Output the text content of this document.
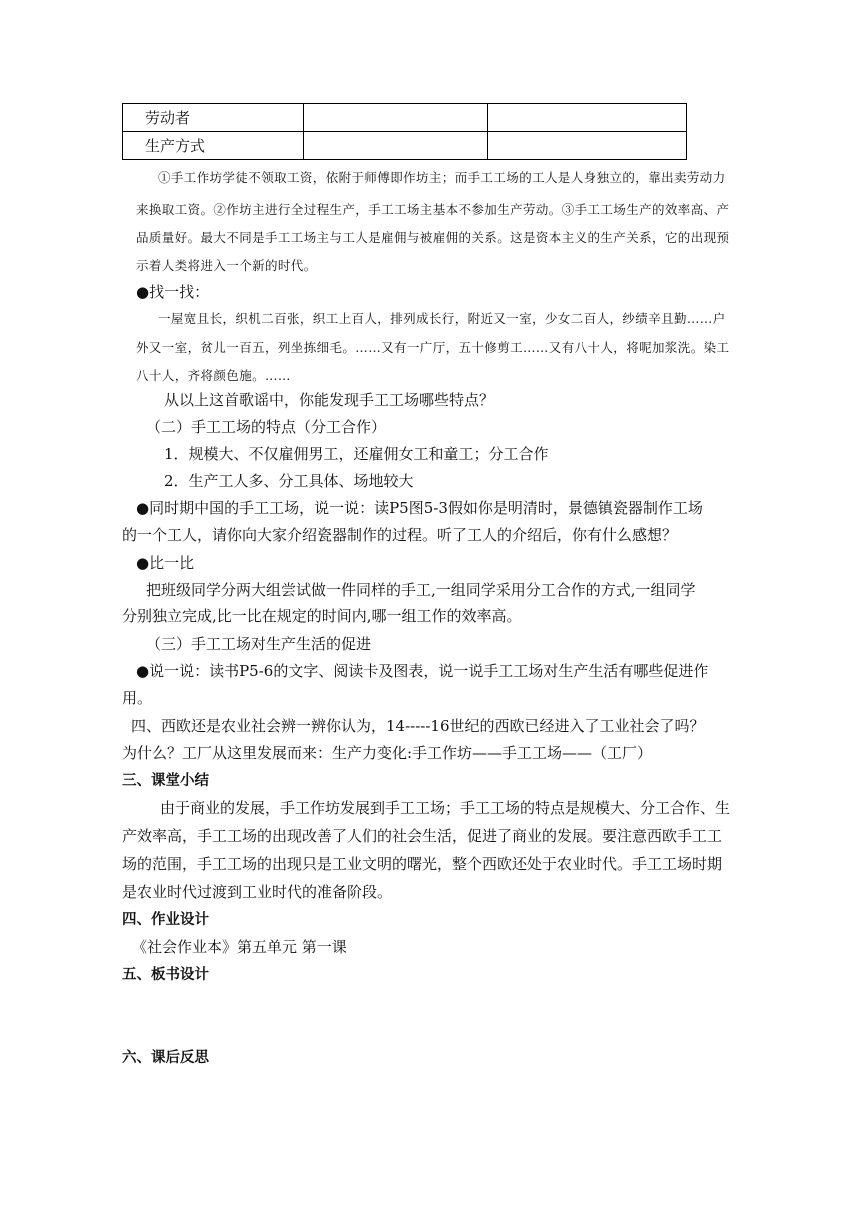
劳动者		
生产方式		
①手工作坊学徒不领取工资，依附于师傅即作坊主；而手工工场的工人是人身独立的，靠出卖劳动力
来换取工资。②作坊主进行全过程生产，手工工场主基本不参加生产劳动。③手工工场生产的效率高、产
品质量好。最大不同是手工工场主与工人是雇佣与被雇佣的关系。这是资本主义的生产关系，它的出现预
示着人类将进入一个新的时代。
●找一找：
一屋宽且长，织机二百张，织工上百人，排列成长行，附近又一室，少女二百人，纱绩辛且勤……户
外又一室，贫儿一百五，列坐拣细毛。……又有一广厅，五十修剪工……又有八十人，将呢加浆洗。染工
八十人，齐将颜色施。……
从以上这首歌谣中，你能发现手工工场哪些特点？
（二）手工工场的特点（分工合作）
1．规模大、不仅雇佣男工，还雇佣女工和童工；分工合作
2．生产工人多、分工具体、场地较大
●同时期中国的手工工场，说一说：读P5图5-3假如你是明清时，景德镇瓷器制作工场
的一个工人，请你向大家介绍瓷器制作的过程。听了工人的介绍后，你有什么感想？
●比一比
把班级同学分两大组尝试做一件同样的手工,一组同学采用分工合作的方式,一组同学
分别独立完成,比一比在规定的时间内,哪一组工作的效率高。
（三）手工工场对生产生活的促进
●说一说：读书P5-6的文字、阅读卡及图表，说一说手工工场对生产生活有哪些促进作
用。
四、西欧还是农业社会辨一辨你认为，14-----16世纪的西欧已经进入了工业社会了吗？
为什么？工厂从这里发展而来：生产力变化:手工作坊——手工工场——（工厂）
三、课堂小结
由于商业的发展，手工作坊发展到手工工场；手工工场的特点是规模大、分工合作、生
产效率高，手工工场的出现改善了人们的社会生活，促进了商业的发展。要注意西欧手工工
场的范围，手工工场的出现只是工业文明的曙光，整个西欧还处于农业时代。手工工场时期
是农业时代过渡到工业时代的准备阶段。
四、作业设计
《社会作业本》第五单元 第一课
五、板书设计
六、课后反思
